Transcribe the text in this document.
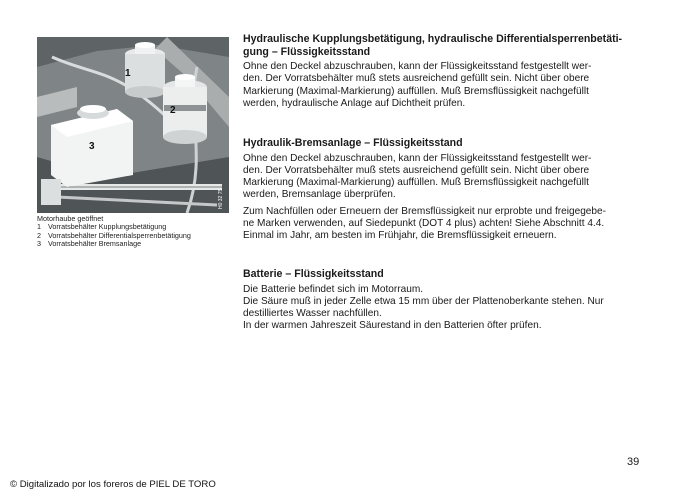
H0 32 75
1
2
3
Motorhaube geöffnet
1 Vorratsbehälter Kupplungsbetätigung
2 Vorratsbehälter Differentialsperrenbetätigung
3 Vorratsbehälter Bremsanlage
Hydraulische Kupplungsbetätigung, hydraulische Differentialsperrenbetäti-
gung – Flüssigkeitsstand
Ohne den Deckel abzuschrauben, kann der Flüssigkeitsstand festgestellt wer-
den. Der Vorratsbehälter muß stets ausreichend gefüllt sein. Nicht über obere
Markierung (Maximal-Markierung) auffüllen. Muß Bremsflüssigkeit nachgefüllt
werden, hydraulische Anlage auf Dichtheit prüfen.
Hydraulik-Bremsanlage – Flüssigkeitsstand
Ohne den Deckel abzuschrauben, kann der Flüssigkeitsstand festgestellt wer-
den. Der Vorratsbehälter muß stets ausreichend gefüllt sein. Nicht über obere
Markierung (Maximal-Markierung) auffüllen. Muß Bremsflüssigkeit nachgefüllt
werden, Bremsanlage überprüfen.
Zum Nachfüllen oder Erneuern der Bremsflüssigkeit nur erprobte und freigegebe-
ne Marken verwenden, auf Siedepunkt (DOT 4 plus) achten! Siehe Abschnitt 4.4.
Einmal im Jahr, am besten im Frühjahr, die Bremsflüssigkeit erneuern.
Batterie – Flüssigkeitsstand
Die Batterie befindet sich im Motorraum.
Die Säure muß in jeder Zelle etwa 15 mm über der Plattenoberkante stehen. Nur
destilliertes Wasser nachfüllen.
In der warmen Jahreszeit Säurestand in den Batterien öfter prüfen.
39
© Digitalizado por los foreros de PIEL DE TORO
